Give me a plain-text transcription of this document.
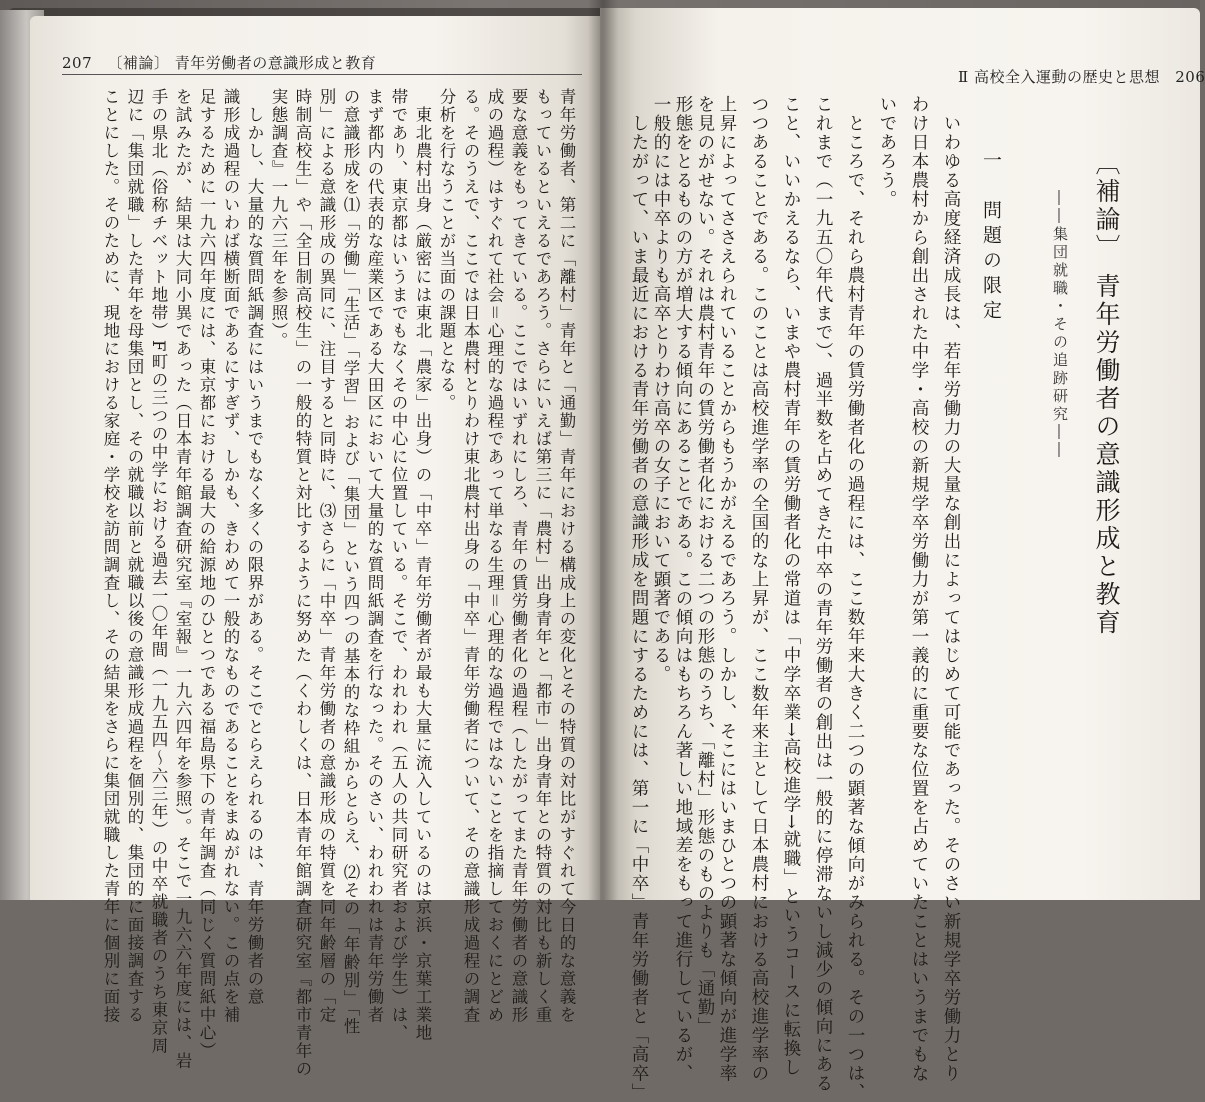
207 〔補論〕 青年労働者の意識形成と教育
Ⅱ 高校全入運動の歴史と思想 206
〔補論〕 青年労働者の意識形成と教育
――集団就職・その追跡研究――
一　問題の限定
　いわゆる高度経済成長は、若年労働力の大量な創出によってはじめて可能であった。そのさい新規学卒労働力とり
わけ日本農村から創出された中学・高校の新規学卒労働力が第一義的に重要な位置を占めていたことはいうまでもな
いであろう。
　ところで、それら農村青年の賃労働者化の過程には、ここ数年来大きく二つの顕著な傾向がみられる。その一つは、
これまで（一九五〇年代まで）、過半数を占めてきた中卒の青年労働者の創出は一般的に停滞ないし減少の傾向にある
こと、いいかえるなら、いまや農村青年の賃労働者化の常道は「中学卒業→高校進学→就職」というコースに転換し
つつあることである。このことは高校進学率の全国的な上昇が、ここ数年来主として日本農村における高校進学率の
上昇によってささえられていることからもうかがえるであろう。しかし、そこにはいまひとつの顕著な傾向が進学率
を見のがせない。それは農村青年の賃労働者化における二つの形態のうち、「離村」形態のものよりも「通勤」
形態をとるものの方が増大する傾向にあることである。この傾向はもちろん著しい地域差をもって進行しているが、
一般的には中卒よりも高卒とりわけ高卒の女子において顕著である。
　したがって、いま最近における青年労働者の意識形成を問題にするためには、第一に「中卒」青年労働者と「高卒」
青年労働者、第二に「離村」青年と「通勤」青年における構成上の変化とその特質の対比がすぐれて今日的な意義を
もっているといえるであろう。さらにいえば第三に「農村」出身青年と「都市」出身青年との特質の対比も新しく重
要な意義をもってきている。ここではいずれにしろ、青年の賃労働者化の過程（したがってまた青年労働者の意識形
成の過程）はすぐれて社会＝心理的な過程であって単なる生理＝心理的な過程ではないことを指摘しておくにとどめ
る。そのうえで、ここでは日本農村とりわけ東北農村出身の「中卒」青年労働者について、その意識形成過程の調査
分析を行なうことが当面の課題となる。
　東北農村出身（厳密には東北「農家」出身）の「中卒」青年労働者が最も大量に流入しているのは京浜・京葉工業地
帯であり、東京都はいうまでもなくその中心に位置している。そこで、われわれ（五人の共同研究者および学生）は、
まず都内の代表的な産業区である大田区において大量的な質問紙調査を行なった。そのさい、われわれは青年労働者
の意識形成を⑴「労働」「生活」「学習」および「集団」という四つの基本的な枠組からとらえ、⑵その「年齢別」「性
別」による意識形成の異同に、注目すると同時に、⑶さらに「中卒」青年労働者の意識形成の特質を同年齢層の「定
時制高校生」や「全日制高校生」の一般的特質と対比するように努めた（くわしくは、日本青年館調査研究室『都市青年の
実態調査』一九六三年を参照）。
　しかし、大量的な質問紙調査にはいうまでもなく多くの限界がある。そこでとらえられるのは、青年労働者の意
識形成過程のいわば横断面であるにすぎず、しかも、きわめて一般的なものであることをまぬがれない。この点を補
足するために一九六四年度には、東京都における最大の給源地のひとつである福島県下の青年調査（同じく質問紙中心）
を試みたが、結果は大同小異であった（日本青年館調査研究室『室報』一九六四年を参照）。そこで一九六六年度には、岩
手の県北（俗称チベット地帯）F町の三つの中学における過去一〇年間（一九五四〜六三年）の中卒就職者のうち東京周
辺に「集団就職」した青年を母集団とし、その就職以前と就職以後の意識形成過程を個別的、集団的に面接調査する
ことにした。そのために、現地における家庭・学校を訪問調査し、その結果をさらに集団就職した青年に個別に面接
